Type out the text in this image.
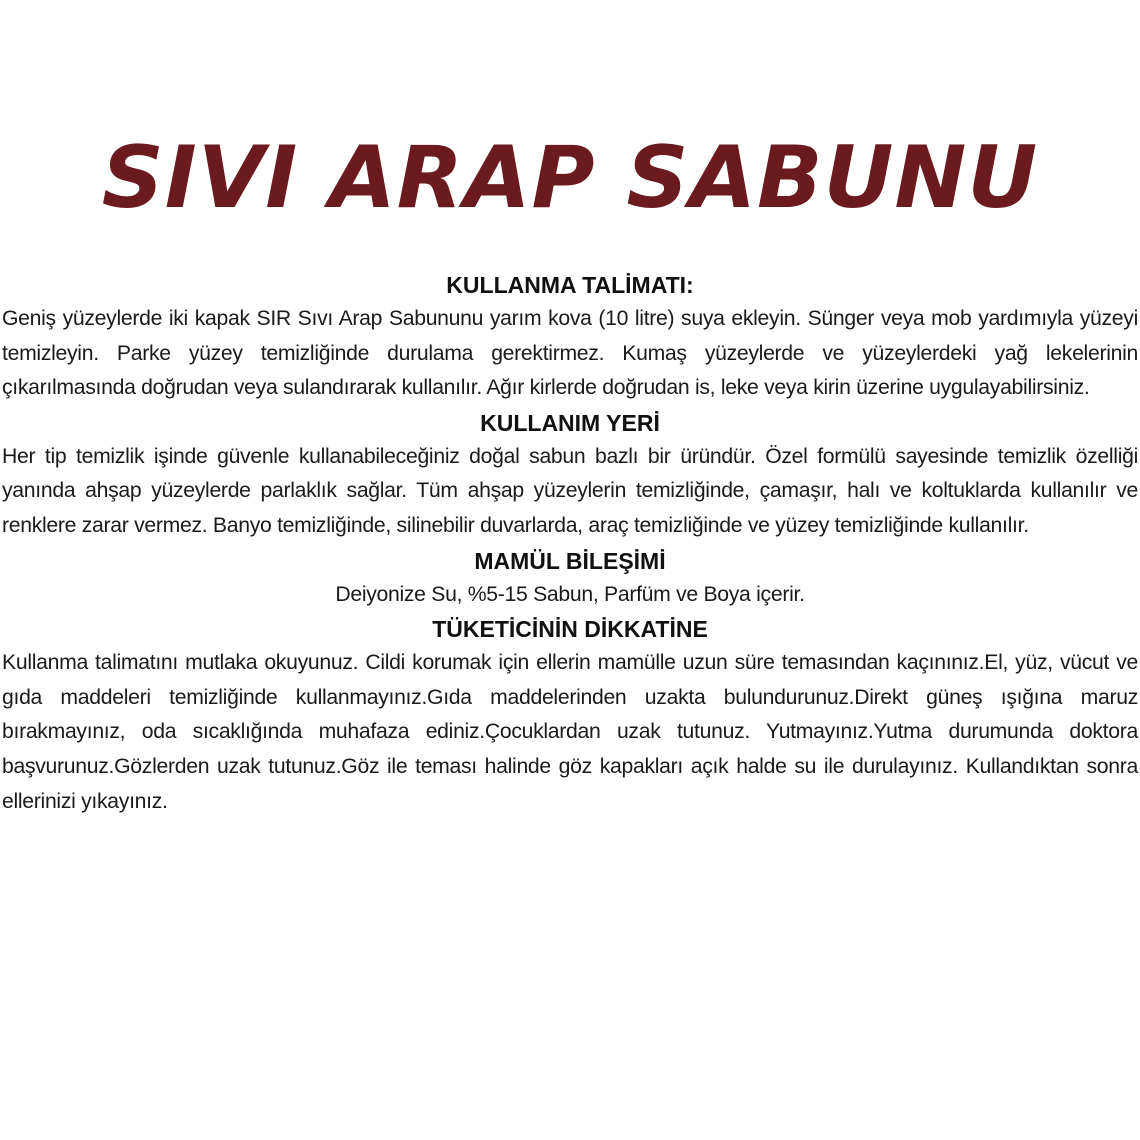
SIVI ARAP SABUNU
KULLANMA TALİMATI:

Geniş yüzeylerde iki kapak SIR Sıvı Arap Sabununu yarım kova (10 litre) suya ekleyin. Sünger veya mob yardımıyla yüzeyi temizleyin. Parke yüzey temizliğinde durulama gerektirmez. Kumaş yüzeylerde ve yüzeylerdeki yağ lekelerinin çıkarılmasında doğrudan veya sulandırarak kullanılır. Ağır kirlerde doğrudan is, leke veya kirin üzerine uygulayabilirsiniz.

KULLANIM YERİ

Her tip temizlik işinde güvenle kullanabileceğiniz doğal sabun bazlı bir üründür. Özel formülü sayesinde temizlik özelliği yanında ahşap yüzeylerde parlaklık sağlar. Tüm ahşap yüzeylerin temizliğinde, çamaşır, halı ve koltuklarda kullanılır ve renklere zarar vermez. Banyo temizliğinde, silinebilir duvarlarda, araç temizliğinde ve yüzey temizliğinde kullanılır.

MAMÜL BİLEŞİMİ

Deiyonize Su, %5-15 Sabun, Parfüm ve Boya içerir.

TÜKETİCİNİN DİKKATİNE

Kullanma talimatını mutlaka okuyunuz. Cildi korumak için ellerin mamülle uzun süre temasından kaçınınız.El, yüz, vücut ve gıda maddeleri temizliğinde kullanmayınız.Gıda maddelerinden uzakta bulundurunuz.Direkt güneş ışığına maruz bırakmayınız, oda sıcaklığında muhafaza ediniz.Çocuklardan uzak tutunuz. Yutmayınız.Yutma durumunda doktora başvurunuz.Gözlerden uzak tutunuz.Göz ile teması halinde göz kapakları açık halde su ile durulayınız. Kullandıktan sonra ellerinizi yıkayınız.
